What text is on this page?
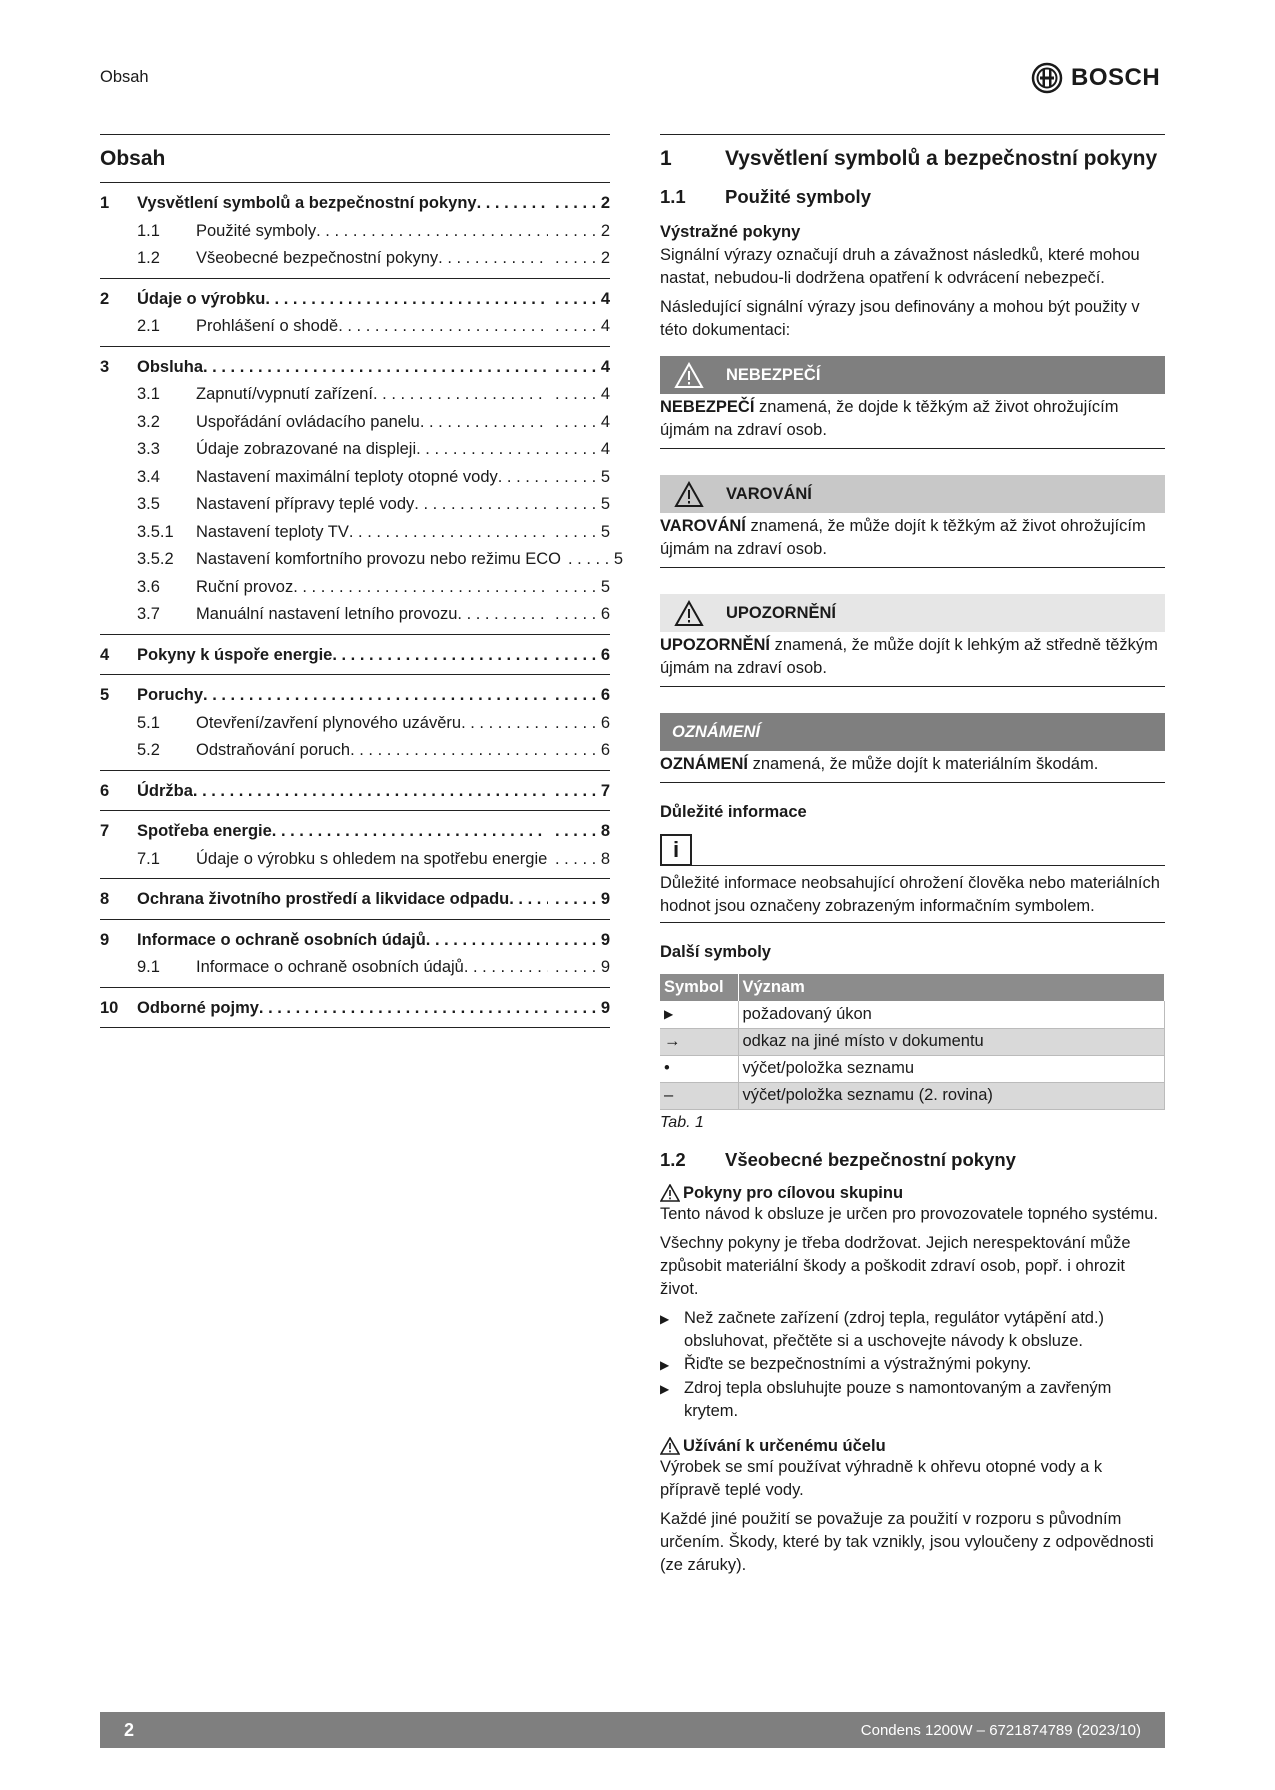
Obsah	BOSCH
Obsah
1	Vysvětlení symbolů a bezpečnostní pokyny . . .	. . . 2
1.1	Použité symboly . . .	. . . 2
1.2	Všeobecné bezpečnostní pokyny . . .	. . . 2
2	Údaje o výrobku . . .	. . . 4
2.1	Prohlášení o shodě . . .	. . . 4
3	Obsluha . . .	. . . 4
3.1	Zapnutí/vypnutí zařízení . . .	. . . 4
3.2	Uspořádání ovládacího panelu . . .	. . . 4
3.3	Údaje zobrazované na displeji . . .	. . . 4
3.4	Nastavení maximální teploty otopné vody . . .	. . . 5
3.5	Nastavení přípravy teplé vody . . .	. . . 5
3.5.1	Nastavení teploty TV . . .	. . . 5
3.5.2	Nastavení komfortního provozu nebo režimu ECO	. . . 5
3.6	Ruční provoz . . .	. . . 5
3.7	Manuální nastavení letního provozu . . .	. . . 6
4	Pokyny k úspoře energie . . .	. . . 6
5	Poruchy . . .	. . . 6
5.1	Otevření/zavření plynového uzávěru . . .	. . . 6
5.2	Odstraňování poruch . . .	. . . 6
6	Údržba . . .	. . . 7
7	Spotřeba energie . . .	. . . 8
7.1	Údaje o výrobku s ohledem na spotřebu energie . . .	. . . 8
8	Ochrana životního prostředí a likvidace odpadu . . .	. . . 9
9	Informace o ochraně osobních údajů . . .	. . . 9
9.1	Informace o ochraně osobních údajů . . .	. . . 9
10	Odborné pojmy . . .	. . . 9
1	Vysvětlení symbolů a bezpečnostní pokyny
1.1	Použité symboly
Výstražné pokyny
Signální výrazy označují druh a závažnost následků, které mohou nastat, nebudou-li dodržena opatření k odvrácení nebezpečí.
Následující signální výrazy jsou definovány a mohou být použity v této dokumentaci:
NEBEZPEČÍ
NEBEZPEČÍ znamená, že dojde k těžkým až život ohrožujícím újmám na zdraví osob.
VAROVÁNÍ
VAROVÁNÍ znamená, že může dojít k těžkým až život ohrožujícím újmám na zdraví osob.
UPOZORNĚNÍ
UPOZORNĚNÍ znamená, že může dojít k lehkým až středně těžkým újmám na zdraví osob.
OZNÁMENÍ
OZNÁMENÍ znamená, že může dojít k materiálním škodám.
Důležité informace
i
Důležité informace neobsahující ohrožení člověka nebo materiálních hodnot jsou označeny zobrazeným informačním symbolem.
Další symboly
Symbol	Význam
▶	požadovaný úkon
→	odkaz na jiné místo v dokumentu
•	výčet/položka seznamu
–	výčet/položka seznamu (2. rovina)
Tab. 1
1.2	Všeobecné bezpečnostní pokyny
Pokyny pro cílovou skupinu
Tento návod k obsluze je určen pro provozovatele topného systému.
Všechny pokyny je třeba dodržovat. Jejich nerespektování může způsobit materiální škody a poškodit zdraví osob, popř. i ohrozit život.
▶ Než začnete zařízení (zdroj tepla, regulátor vytápění atd.) obsluhovat, přečtěte si a uschovejte návody k obsluze.
▶ Řiďte se bezpečnostními a výstražnými pokyny.
▶ Zdroj tepla obsluhujte pouze s namontovaným a zavřeným krytem.
Užívání k určenému účelu
Výrobek se smí používat výhradně k ohřevu otopné vody a k přípravě teplé vody.
Každé jiné použití se považuje za použití v rozporu s původním určením. Škody, které by tak vznikly, jsou vyloučeny z odpovědnosti (ze záruky).
2	Condens 1200W – 6721874789 (2023/10)
